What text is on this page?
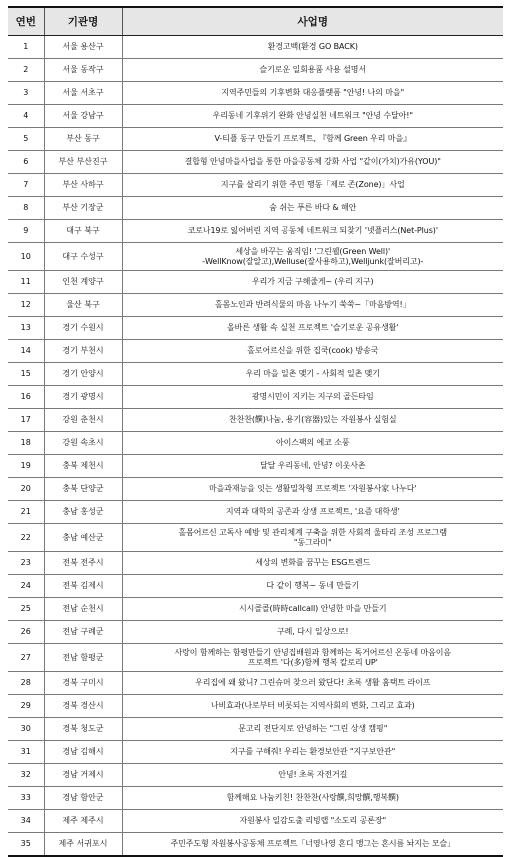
연번	기관명	사업명
1	서울 용산구	환경고백(환경 GO BACK)
2	서울 동작구	슬기로운 일회용품 사용 설명서
3	서울 서초구	지역주민들의 기후변화 대응플랫폼 "안녕! 나의 마을"
4	서울 강남구	우리동네 기후위기 완화 안녕실천 네트워크 "안녕 수달아!"
5	부산 동구	V-티플 동구 만들기 프로젝트, 『함께 Green 우리 마을』
6	부산 부산진구	결합형 안녕마을사업을 통한 마을공동체 강화 사업 "같이(가치)가유(YOU)"
7	부산 사하구	지구를 살리기 위한 주민 행동「제로 존(Zone)」사업
8	부산 기장군	숨 쉬는 푸른 바다 & 해안
9	대구 북구	코로나19로 잃어버린 지역 공동체 네트워크 되찾기 '넷플러스(Net-Plus)'
10	대구 수성구	세상을 바꾸는 움직임! '그린웰(Green Well)'
-WellKnow(잘알고),Welluse(잘사용하고),Welljunk(잘버리고)-
11	인천 계양구	우리가 지금 구해줄게~ (우리 지구)
12	울산 북구	홀몸노인과 반려식물의 마음 나누기 쑥쑥~「마음방역!」
13	경기 수원시	올바른 생활 속 실천 프로젝트 '슬기로운 공유생활'
14	경기 부천시	홀로어르신을 위한 집쿡(cook) 방송국
15	경기 안양시	우리 마을 일촌 맺기 - 사회적 일촌 맺기
16	경기 광명시	광명시민이 지키는 지구의 골든타임
17	강원 춘천시	찬찬찬(饌)나눔, 용기(容器)있는 자원봉사 실험실
18	강원 속초시	아이스팩의 에코 소풍
19	충북 제천시	달달 우리동네, 안녕? 이웃사촌
20	충북 단양군	마을과재능을 잇는 생활밀착형 프로젝트 '자원봉사家 나누다'
21	충남 홍성군	지역과 대학의 공존과 상생 프로젝트, '요즘 대학생'
22	충남 예산군	홀몸어르신 고독사 예방 및 관리체계 구축을 위한 사회적 울타리 조성 프로그램
"동그라미"
23	전북 전주시	세상의 변화를 꿈꾸는 ESG트렌드
24	전북 김제시	다 같이 행복~ 동네 만들기
25	전남 순천시	시시콜콜(時時callcall) 안녕한 마을 만들기
26	전남 구례군	구례, 다시 일상으로!
27	전남 함평군	사랑이 함께하는 함평만들기 안녕집배원과 함께하는 독거어르신 온동네 마음이음
프로젝트 '다(多)함께 행복 칼로리 UP'
28	경북 구미시	우리집에 왜 왔니? 그린슈머 찾으러 왔단다! 초록 생활 홈택트 라이프
29	경북 경산시	나비효과(나로부터 비롯되는 지역사회의 변화, 그리고 효과)
30	경북 청도군	문고리 전단지로 안녕하는 "그린 상생 캠핑"
31	경남 김해시	지구를 구해줘! 우리는 환경보안관 "지구보안관"
32	경남 거제시	안녕! 초록 자전거길
33	경남 함안군	함께해요 나눔키친! 찬찬찬(사랑饌,희망饌,행복饌)
34	제주 제주시	자원봉사 일감도출 리빙랩 "소도리 공론장"
35	제주 서귀포시	주민주도형 자원봉사공동체 프로젝트「너영나영 혼디 맹그는 혼시름 놔지는 모슬」
